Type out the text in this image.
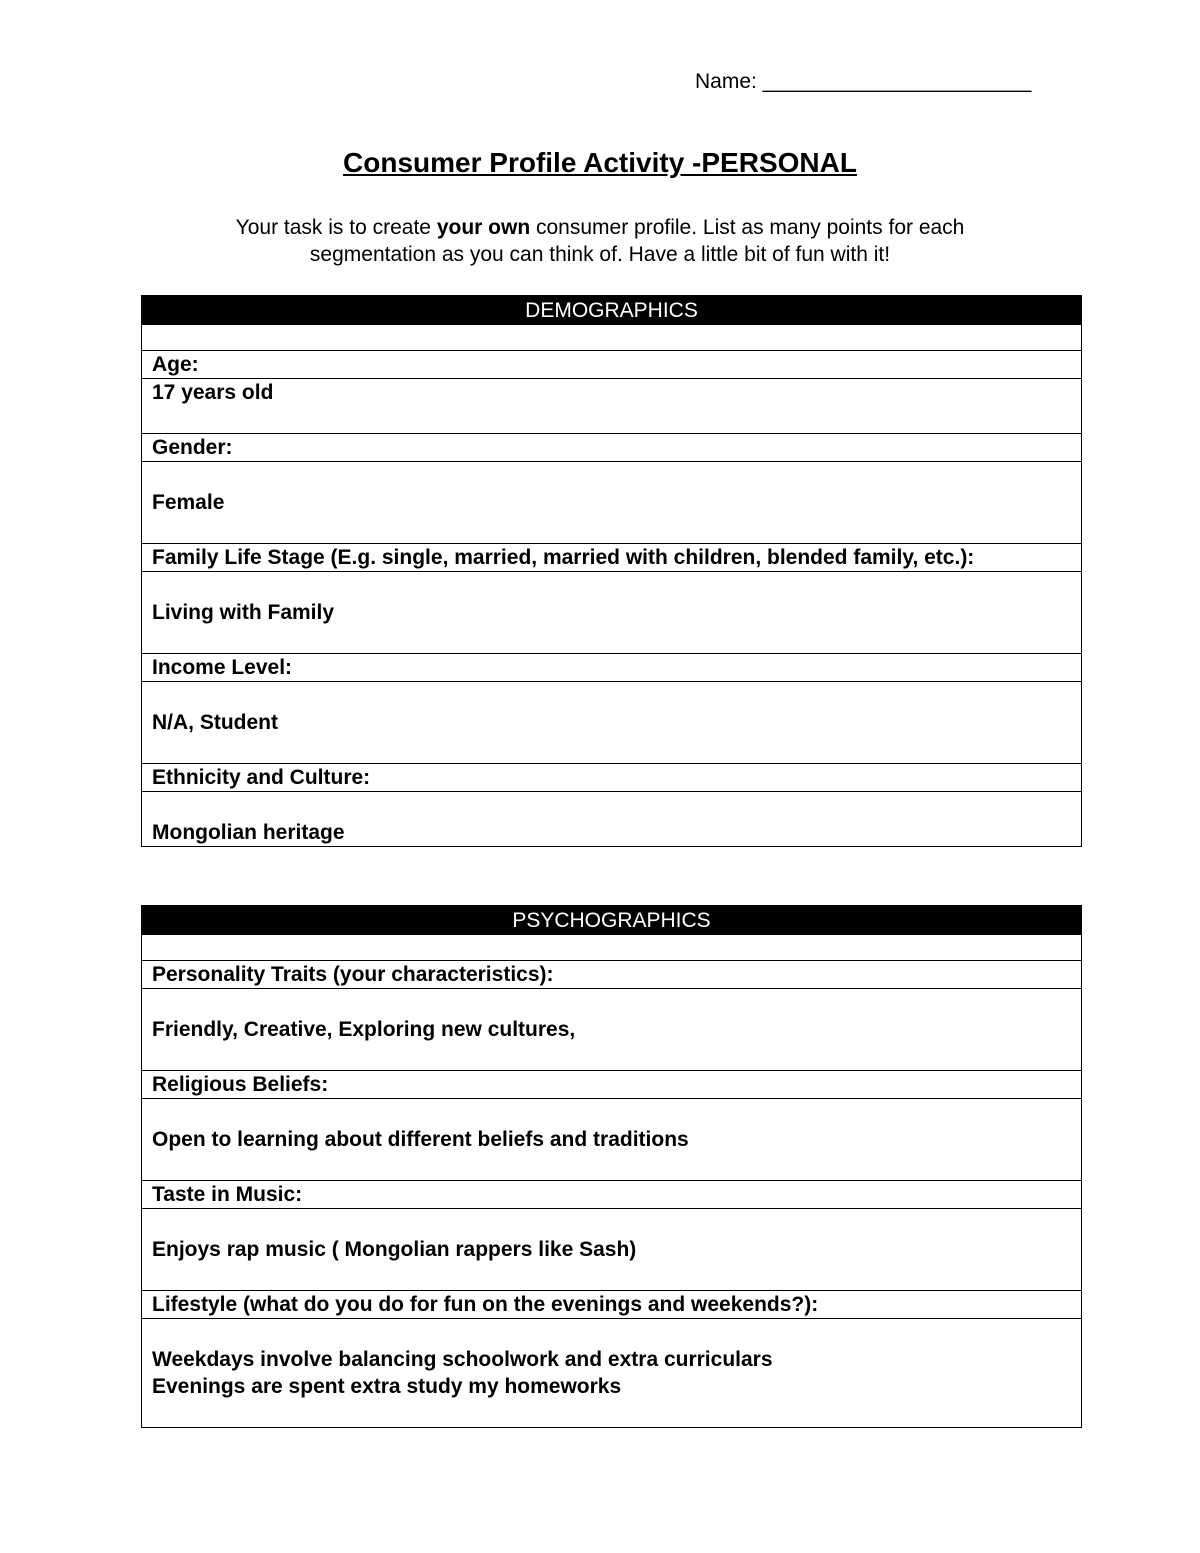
Name: _______________________
Consumer Profile Activity -PERSONAL
Your task is to create your own consumer profile. List as many points for each
segmentation as you can think of. Have a little bit of fun with it!
DEMOGRAPHICS

Age:
17 years old
Gender:
Female
Family Life Stage (E.g. single, married, married with children, blended family, etc.):
Living with Family
Income Level:
N/A, Student
Ethnicity and Culture:
Mongolian heritage
PSYCHOGRAPHICS

Personality Traits (your characteristics):
Friendly, Creative, Exploring new cultures,
Religious Beliefs:
Open to learning about different beliefs and traditions
Taste in Music:
Enjoys rap music ( Mongolian rappers like Sash)
Lifestyle (what do you do for fun on the evenings and weekends?):
Weekdays involve balancing schoolwork and extra curriculars
Evenings are spent extra study my homeworks
